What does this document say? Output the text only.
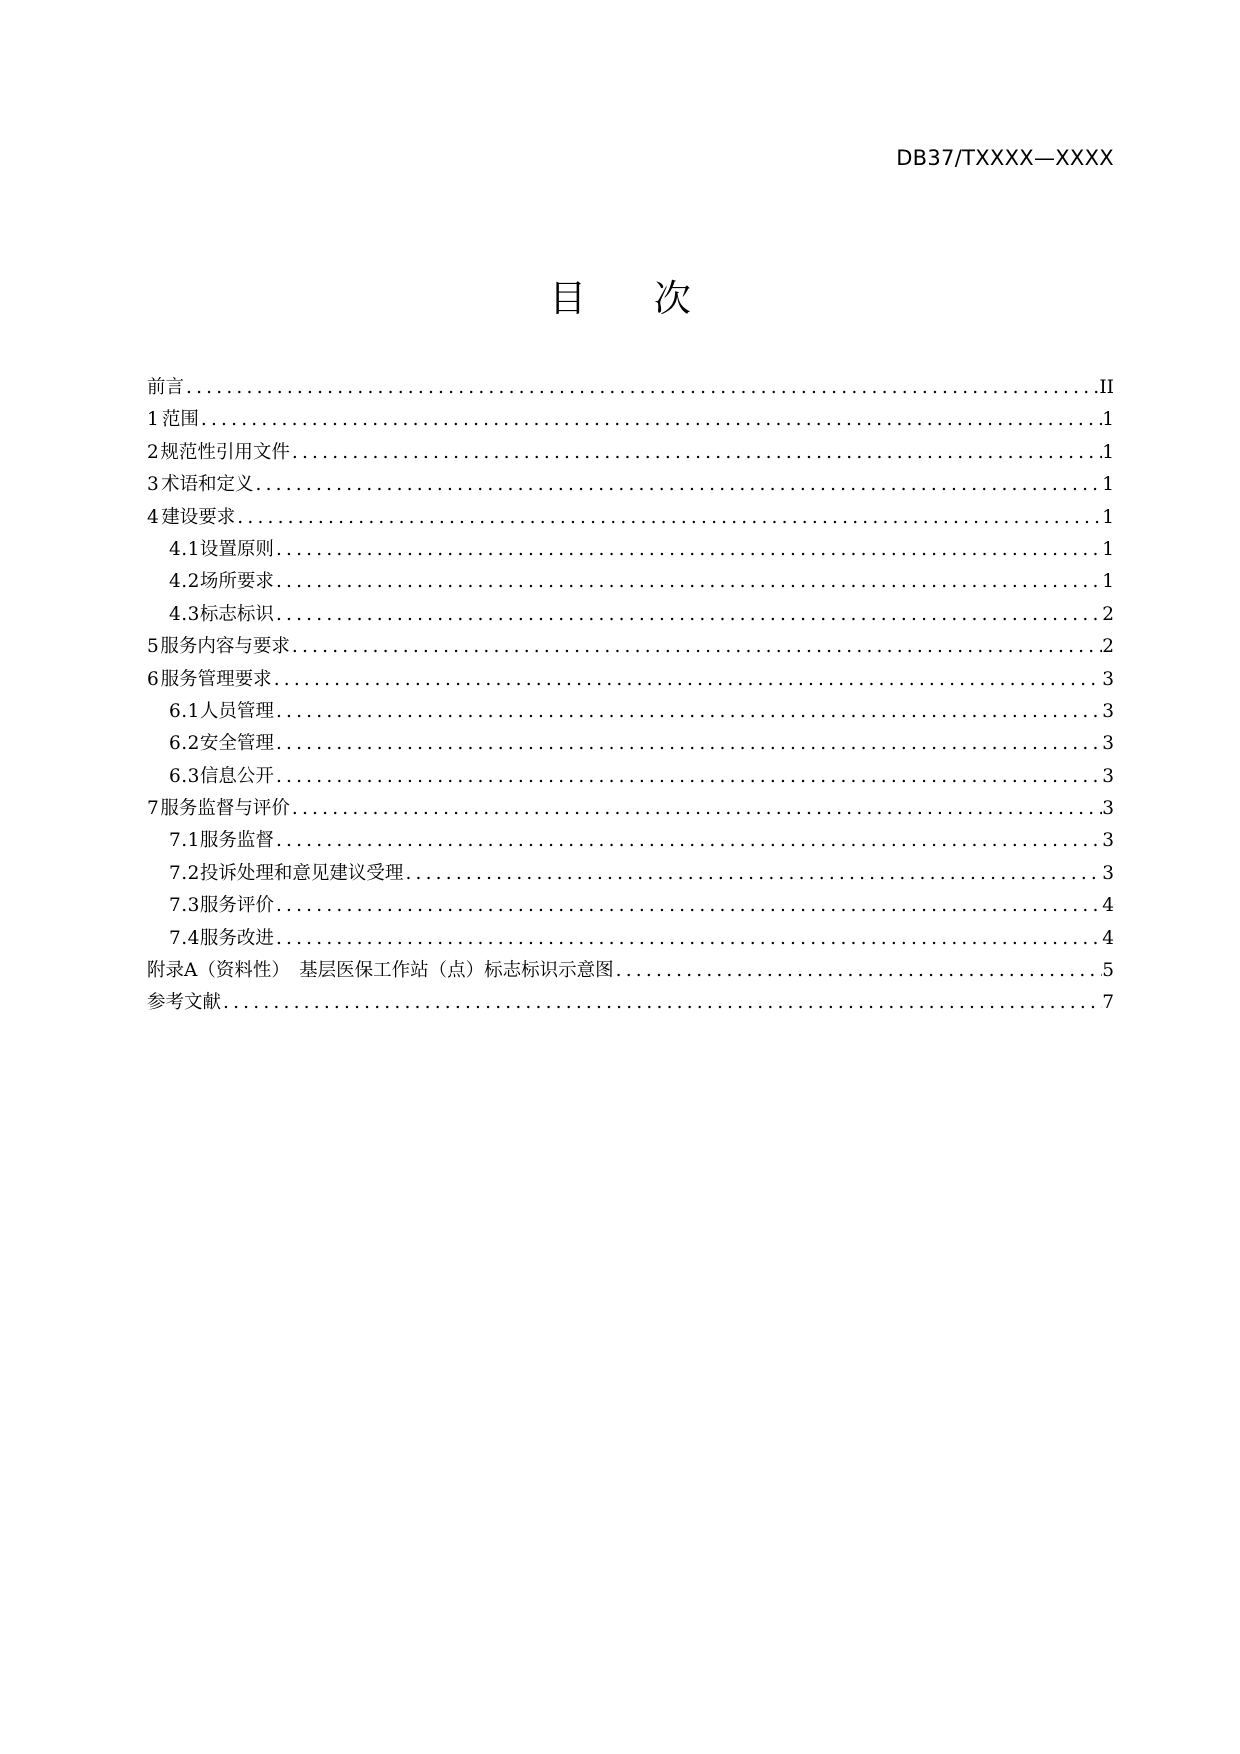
DB37/TXXXX—XXXX
目 次
前言 .....	II
1 范围 .....	1
2 规范性引用文件 .....	1
3 术语和定义 .....	1
4 建设要求 .....	1
4.1 设置原则 .....	1
4.2 场所要求 .....	1
4.3 标志标识 .....	2
5 服务内容与要求 .....	2
6 服务管理要求 .....	3
6.1 人员管理 .....	3
6.2 安全管理 .....	3
6.3 信息公开 .....	3
7 服务监督与评价 .....	3
7.1 服务监督 .....	3
7.2 投诉处理和意见建议受理 .....	3
7.3 服务评价 .....	4
7.4 服务改进 .....	4
附录A（资料性）　基层医保工作站（点）标志标识示意图 .....	5
参考文献 .....	7
